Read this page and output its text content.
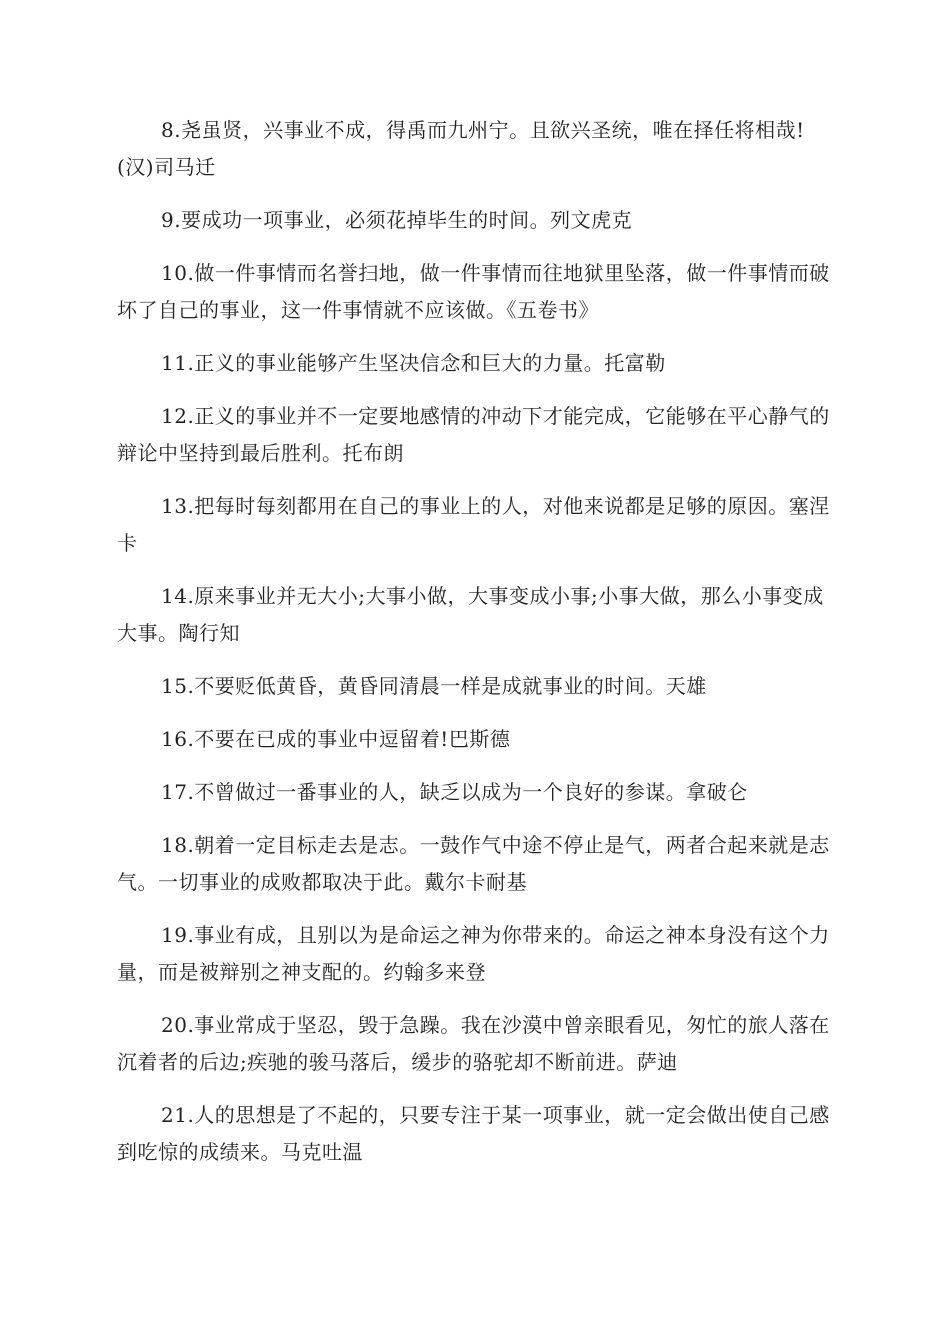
8.尧虽贤，兴事业不成，得禹而九州宁。且欲兴圣统，唯在择任将相哉!(汉)司马迁

9.要成功一项事业，必须花掉毕生的时间。列文虎克

10.做一件事情而名誉扫地，做一件事情而往地狱里坠落，做一件事情而破坏了自己的事业，这一件事情就不应该做。《五卷书》

11.正义的事业能够产生坚决信念和巨大的力量。托富勒

12.正义的事业并不一定要地感情的冲动下才能完成，它能够在平心静气的辩论中坚持到最后胜利。托布朗

13.把每时每刻都用在自己的事业上的人，对他来说都是足够的原因。塞涅卡

14.原来事业并无大小;大事小做，大事变成小事;小事大做，那么小事变成大事。陶行知

15.不要贬低黄昏，黄昏同清晨一样是成就事业的时间。天雄

16.不要在已成的事业中逗留着!巴斯德

17.不曾做过一番事业的人，缺乏以成为一个良好的参谋。拿破仑

18.朝着一定目标走去是志。一鼓作气中途不停止是气，两者合起来就是志气。一切事业的成败都取决于此。戴尔卡耐基

19.事业有成，且别以为是命运之神为你带来的。命运之神本身没有这个力量，而是被辩别之神支配的。约翰多来登

20.事业常成于坚忍，毁于急躁。我在沙漠中曾亲眼看见，匆忙的旅人落在沉着者的后边;疾驰的骏马落后，缓步的骆驼却不断前进。萨迪

21.人的思想是了不起的，只要专注于某一项事业，就一定会做出使自己感到吃惊的成绩来。马克吐温
